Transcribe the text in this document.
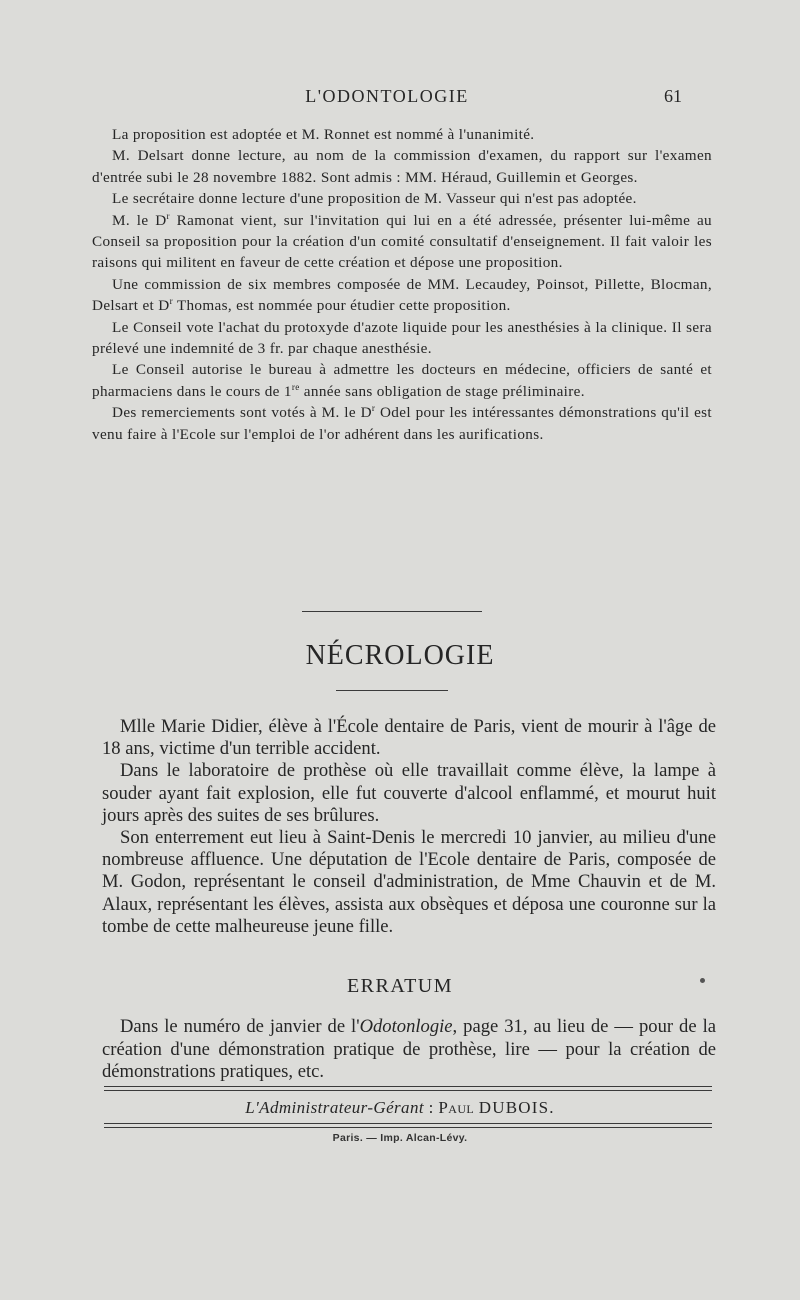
L'ODONTOLOGIE	61

La proposition est adoptée et M. Ronnet est nommé à l'unanimité.

M. Delsart donne lecture, au nom de la commission d'examen, du rapport sur l'examen d'entrée subi le 28 novembre 1882. Sont admis : MM. Héraud, Guillemin et Georges.

Le secrétaire donne lecture d'une proposition de M. Vasseur qui n'est pas adoptée.

M. le $D^r$ Ramonat vient, sur l'invitation qui lui en a été adressée, présenter lui-même au Conseil sa proposition pour la création d'un comité consultatif d'enseignement. Il fait valoir les raisons qui militent en faveur de cette création et dépose une proposition.

Une commission de six membres composée de MM. Lecaudey, Poinsot, Pillette, Blocman, Delsart et $D^r$ Thomas, est nommée pour étudier cette proposition.

Le Conseil vote l'achat du protoxyde d'azote liquide pour les anesthésies à la clinique. Il sera prélevé une indemnité de 3 fr. par chaque anesthésie.

Le Conseil autorise le bureau à admettre les docteurs en médecine, officiers de santé et pharmaciens dans le cours de 1re année sans obligation de stage préliminaire.

Des remerciements sont votés à M. le $D^r$ Odel pour les intéressantes démonstrations qu'il est venu faire à l'Ecole sur l'emploi de l'or adhérent dans les aurifications.

NÉCROLOGIE

Mlle Marie Didier, élève à l'École dentaire de Paris, vient de mourir à l'âge de 18 ans, victime d'un terrible accident.

Dans le laboratoire de prothèse où elle travaillait comme élève, la lampe à souder ayant fait explosion, elle fut couverte d'alcool enflammé, et mourut huit jours après des suites de ses brûlures.

Son enterrement eut lieu à Saint-Denis le mercredi 10 janvier, au milieu d'une nombreuse affluence. Une députation de l'Ecole dentaire de Paris, composée de M. Godon, représentant le conseil d'administration, de Mme Chauvin et de M. Alaux, représentant les élèves, assista aux obsèques et déposa une couronne sur la tombe de cette malheureuse jeune fille.

ERRATUM

Dans le numéro de janvier de l'Odotonlogie, page 31, au lieu de — pour de la création d'une démonstration pratique de prothèse, lire — pour la création de démonstrations pratiques, etc.

L'Administrateur-Gérant : Paul DUBOIS.
Paris. — Imp. Alcan-Lévy.
